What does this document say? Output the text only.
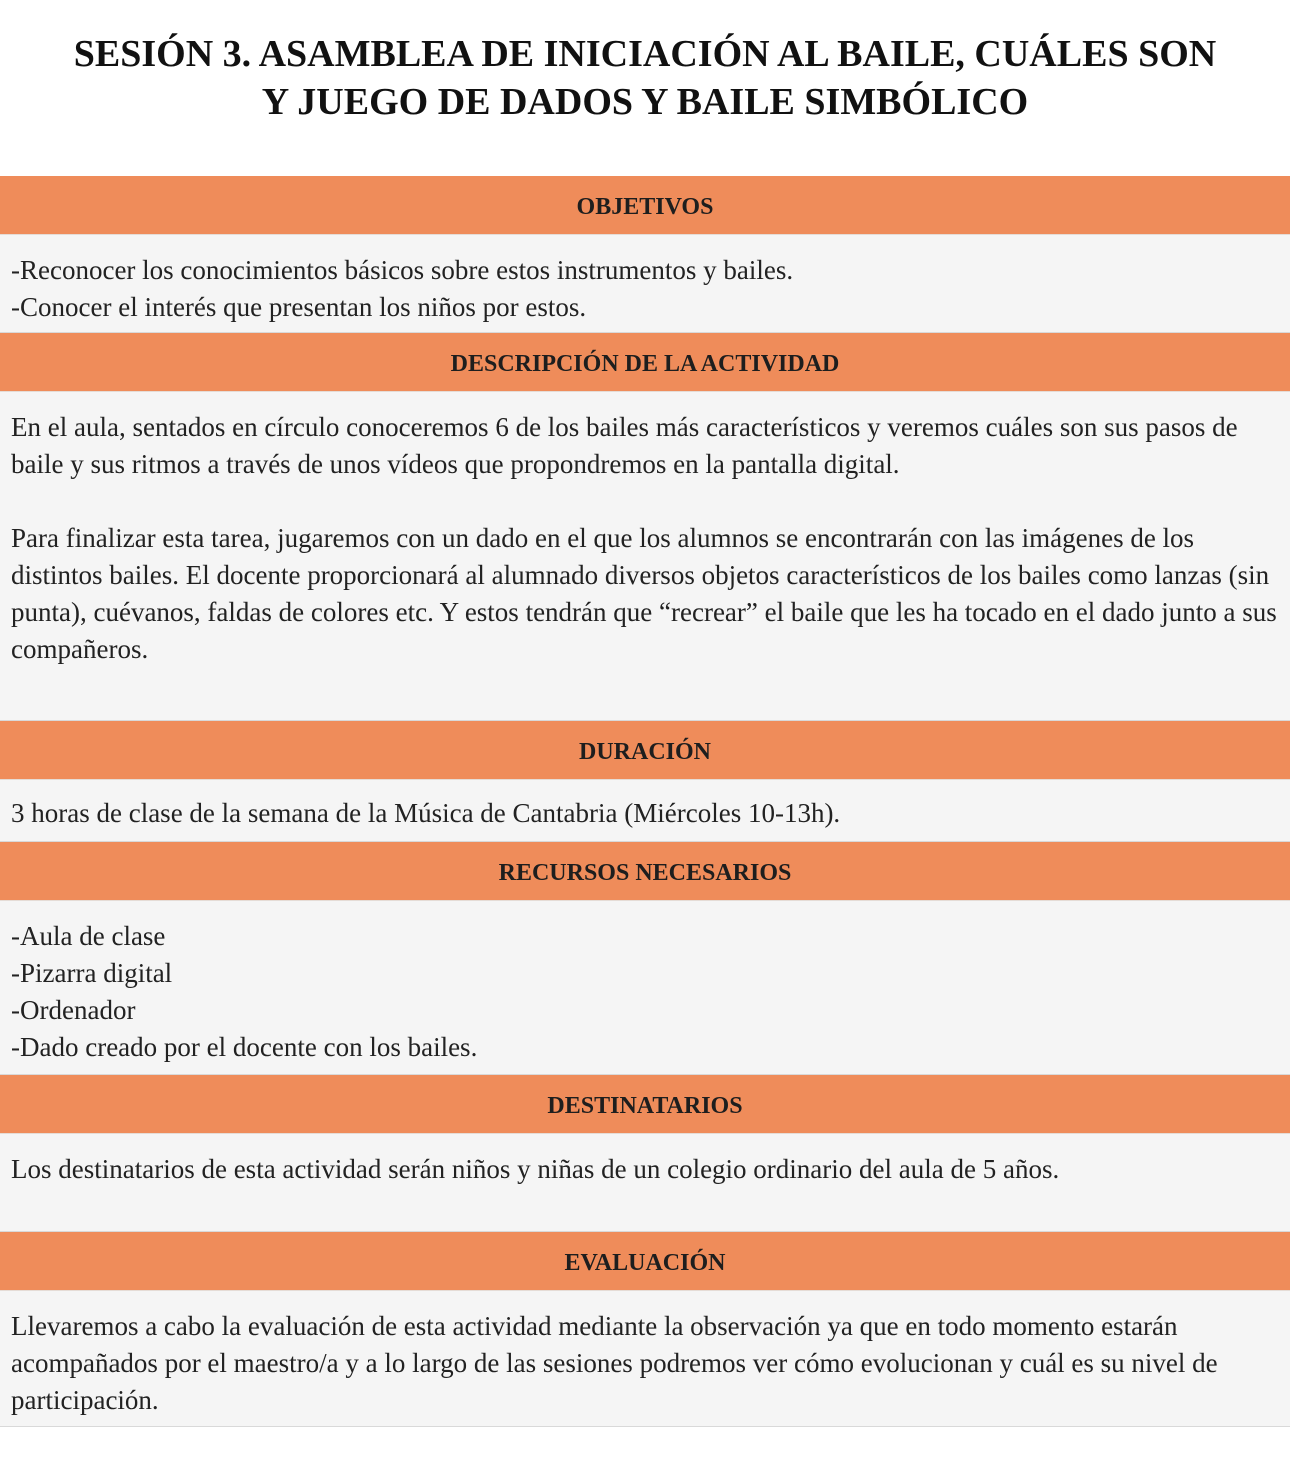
SESIÓN 3. ASAMBLEA DE INICIACIÓN AL BAILE, CUÁLES SON
Y JUEGO DE DADOS Y BAILE SIMBÓLICO
OBJETIVOS

-Reconocer los conocimientos básicos sobre estos instrumentos y bailes.

-Conocer el interés que presentan los niños por estos.

DESCRIPCIÓN DE LA ACTIVIDAD

En el aula, sentados en círculo conoceremos 6 de los bailes más característicos y veremos cuáles son sus pasos de baile y sus ritmos a través de unos vídeos que propondremos en la pantalla digital.

Para finalizar esta tarea, jugaremos con un dado en el que los alumnos se encontrarán con las imágenes de los distintos bailes. El docente proporcionará al alumnado diversos objetos característicos de los bailes como lanzas (sin punta), cuévanos, faldas de colores etc. Y estos tendrán que “recrear” el baile que les ha tocado en el dado junto a sus compañeros.

DURACIÓN

3 horas de clase de la semana de la Música de Cantabria (Miércoles 10-13h).

RECURSOS NECESARIOS

-Aula de clase

-Pizarra digital

-Ordenador

-Dado creado por el docente con los bailes.

DESTINATARIOS

Los destinatarios de esta actividad serán niños y niñas de un colegio ordinario del aula de 5 años.

EVALUACIÓN

Llevaremos a cabo la evaluación de esta actividad mediante la observación ya que en todo momento estarán acompañados por el maestro/a y a lo largo de las sesiones podremos ver cómo evolucionan y cuál es su nivel de participación.
